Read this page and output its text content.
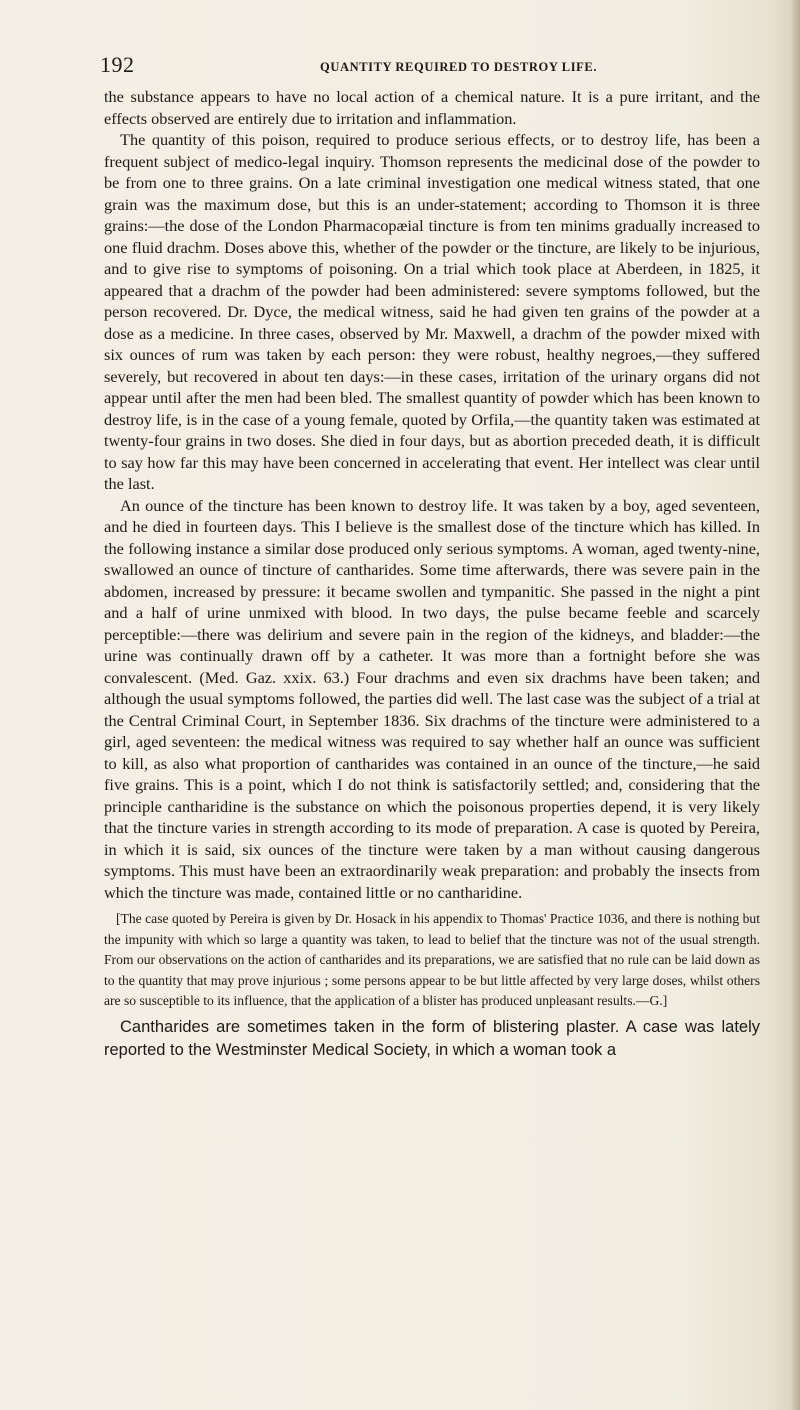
192	QUANTITY REQUIRED TO DESTROY LIFE.

the substance appears to have no local action of a chemical nature. It is a pure irritant, and the effects observed are entirely due to irritation and inflammation.

The quantity of this poison, required to produce serious effects, or to destroy life, has been a frequent subject of medico-legal inquiry. Thomson represents the medicinal dose of the powder to be from one to three grains. On a late criminal investigation one medical witness stated, that one grain was the maximum dose, but this is an under-statement; according to Thomson it is three grains:—the dose of the London Pharmacopæial tincture is from ten minims gradually increased to one fluid drachm. Doses above this, whether of the powder or the tincture, are likely to be injurious, and to give rise to symptoms of poisoning. On a trial which took place at Aberdeen, in 1825, it appeared that a drachm of the powder had been administered: severe symptoms followed, but the person recovered. Dr. Dyce, the medical witness, said he had given ten grains of the powder at a dose as a medicine. In three cases, observed by Mr. Maxwell, a drachm of the powder mixed with six ounces of rum was taken by each person: they were robust, healthy negroes,—they suffered severely, but recovered in about ten days:—in these cases, irritation of the urinary organs did not appear until after the men had been bled. The smallest quantity of powder which has been known to destroy life, is in the case of a young female, quoted by Orfila,—the quantity taken was estimated at twenty-four grains in two doses. She died in four days, but as abortion preceded death, it is difficult to say how far this may have been concerned in accelerating that event. Her intellect was clear until the last.

An ounce of the tincture has been known to destroy life. It was taken by a boy, aged seventeen, and he died in fourteen days. This I believe is the smallest dose of the tincture which has killed. In the following instance a similar dose produced only serious symptoms. A woman, aged twenty-nine, swallowed an ounce of tincture of cantharides. Some time afterwards, there was severe pain in the abdomen, increased by pressure: it became swollen and tympanitic. She passed in the night a pint and a half of urine unmixed with blood. In two days, the pulse became feeble and scarcely perceptible:—there was delirium and severe pain in the region of the kidneys, and bladder:—the urine was continually drawn off by a catheter. It was more than a fortnight before she was convalescent. (Med. Gaz. xxix. 63.) Four drachms and even six drachms have been taken; and although the usual symptoms followed, the parties did well. The last case was the subject of a trial at the Central Criminal Court, in September 1836. Six drachms of the tincture were administered to a girl, aged seventeen: the medical witness was required to say whether half an ounce was sufficient to kill, as also what proportion of cantharides was contained in an ounce of the tincture,—he said five grains. This is a point, which I do not think is satisfactorily settled; and, considering that the principle cantharidine is the substance on which the poisonous properties depend, it is very likely that the tincture varies in strength according to its mode of preparation. A case is quoted by Pereira, in which it is said, six ounces of the tincture were taken by a man without causing dangerous symptoms. This must have been an extraordinarily weak preparation: and probably the insects from which the tincture was made, contained little or no cantharidine.

[The case quoted by Pereira is given by Dr. Hosack in his appendix to Thomas' Practice 1036, and there is nothing but the impunity with which so large a quantity was taken, to lead to belief that the tincture was not of the usual strength. From our observations on the action of cantharides and its preparations, we are satisfied that no rule can be laid down as to the quantity that may prove injurious ; some persons appear to be but little affected by very large doses, whilst others are so susceptible to its influence, that the application of a blister has produced unpleasant results.—G.]

Cantharides are sometimes taken in the form of blistering plaster. A case was lately reported to the Westminster Medical Society, in which a woman took a
